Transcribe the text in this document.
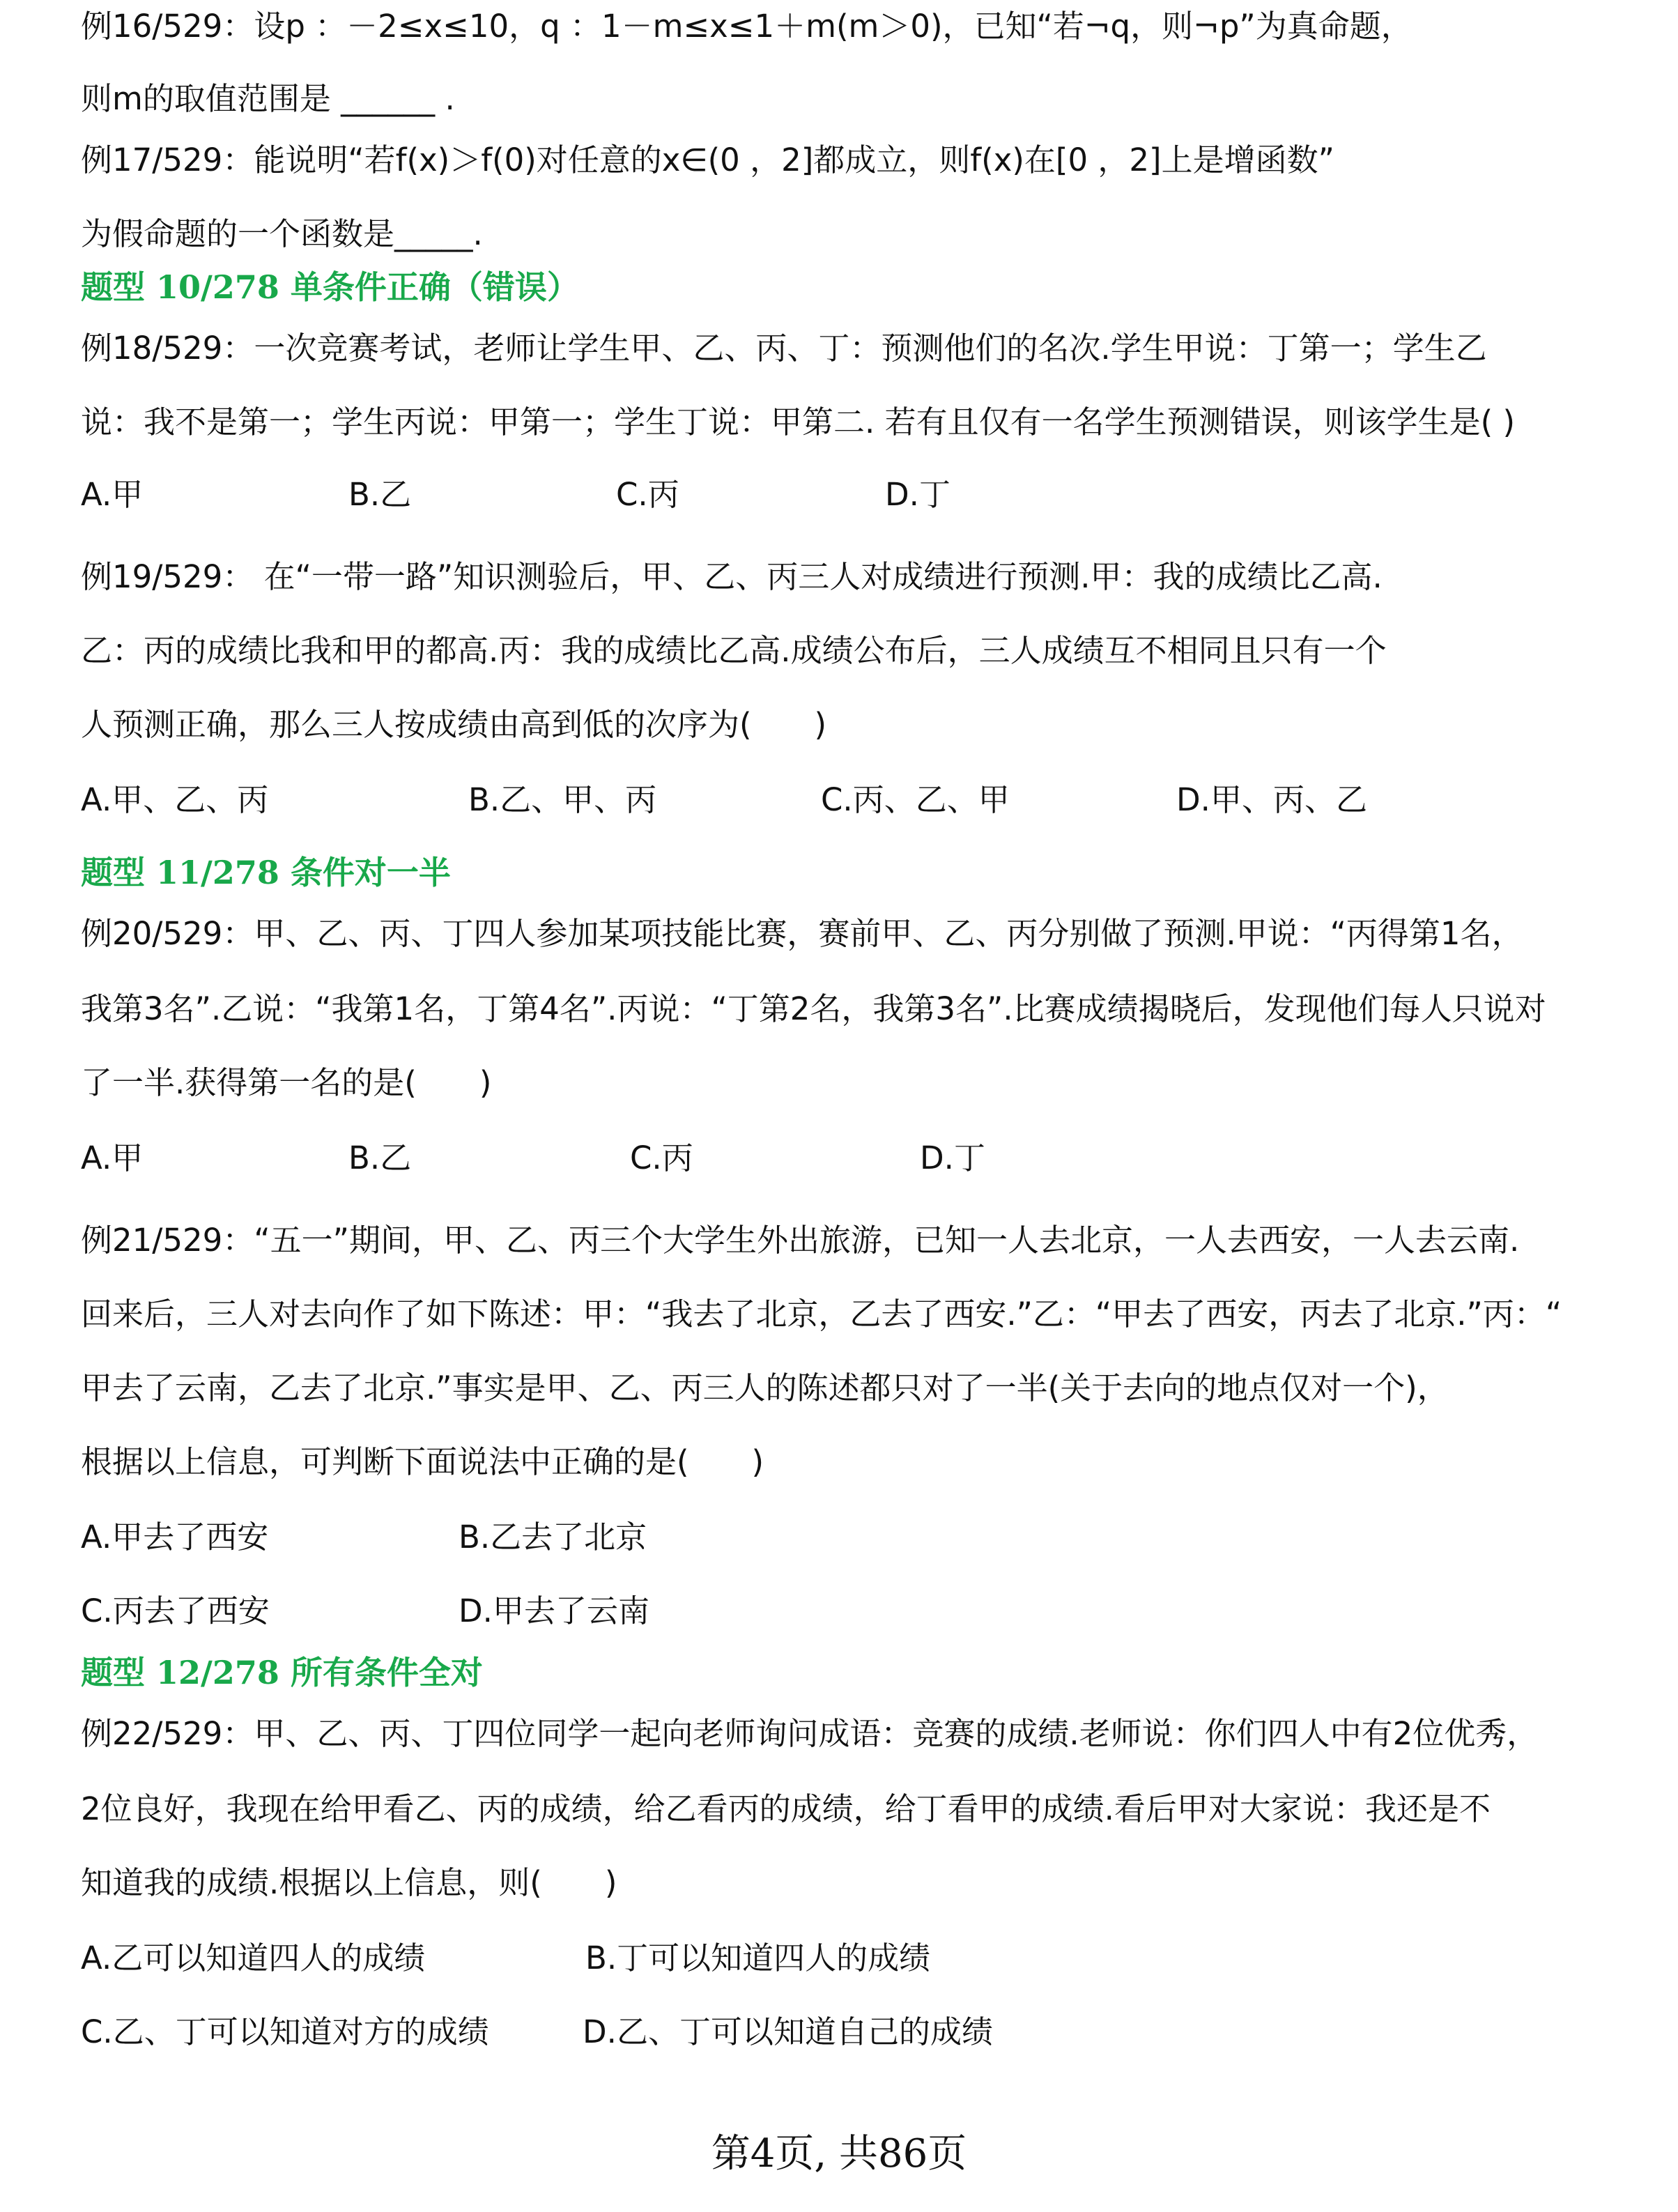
例16/529：设p ：－2≤x≤10，q ：1－m≤x≤1＋m(m＞0)，已知“若¬q，则¬p”为真命题，
则m的取值范围是 ______ .
例17/529：能说明“若f(x)＞f(0)对任意的x∈(0 ，2]都成立，则f(x)在[0 ，2]上是增函数”
为假命题的一个函数是_____.
题型 10/278 单条件正确（错误）
例18/529：一次竞赛考试，老师让学生甲、乙、丙、丁：预测他们的名次.学生甲说：丁第一；学生乙
说：我不是第一；学生丙说：甲第一；学生丁说：甲第二. 若有且仅有一名学生预测错误，则该学生是( )
A.甲	B.乙	C.丙	D.丁
例19/529： 在“一带一路”知识测验后，甲、乙、丙三人对成绩进行预测.甲：我的成绩比乙高.
乙：丙的成绩比我和甲的都高.丙：我的成绩比乙高.成绩公布后，三人成绩互不相同且只有一个
人预测正确，那么三人按成绩由高到低的次序为(　　)
A.甲、乙、丙	B.乙、甲、丙	C.丙、乙、甲	D.甲、丙、乙
题型 11/278 条件对一半
例20/529：甲、乙、丙、丁四人参加某项技能比赛，赛前甲、乙、丙分别做了预测.甲说：“丙得第1名，
我第3名”.乙说：“我第1名，丁第4名”.丙说：“丁第2名，我第3名”.比赛成绩揭晓后，发现他们每人只说对
了一半.获得第一名的是(　　)
A.甲	B.乙	C.丙	D.丁
例21/529：“五一”期间，甲、乙、丙三个大学生外出旅游，已知一人去北京，一人去西安，一人去云南.
回来后，三人对去向作了如下陈述：甲：“我去了北京，乙去了西安.”乙：“甲去了西安，丙去了北京.”丙：“
甲去了云南，乙去了北京.”事实是甲、乙、丙三人的陈述都只对了一半(关于去向的地点仅对一个)，
根据以上信息，可判断下面说法中正确的是(　　)
A.甲去了西安	B.乙去了北京
C.丙去了西安	D.甲去了云南
题型 12/278 所有条件全对
例22/529：甲、乙、丙、丁四位同学一起向老师询问成语：竞赛的成绩.老师说：你们四人中有2位优秀，
2位良好，我现在给甲看乙、丙的成绩，给乙看丙的成绩，给丁看甲的成绩.看后甲对大家说：我还是不
知道我的成绩.根据以上信息，则(　　)
A.乙可以知道四人的成绩	B.丁可以知道四人的成绩
C.乙、丁可以知道对方的成绩	D.乙、丁可以知道自己的成绩
第4页, 共86页
